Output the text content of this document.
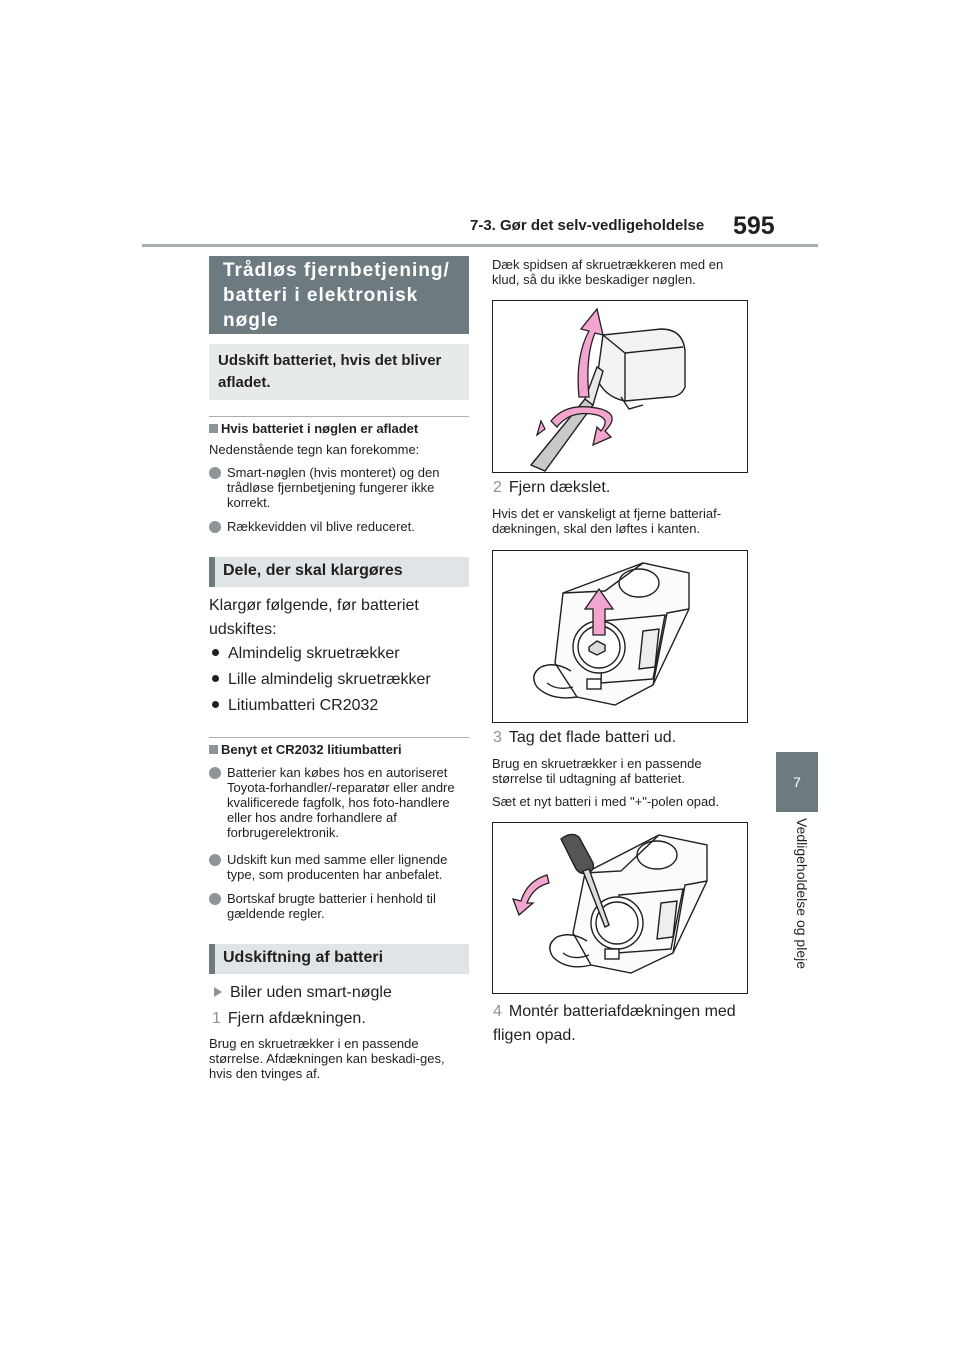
7-3. Gør det selv-vedligeholdelse 595
7
Vedligeholdelse og pleje
Trådløs fjernbetjening/ batteri i elektronisk nøgle
Udskift batteriet, hvis det bliver afladet.
Hvis batteriet i nøglen er afladet
Nedenstående tegn kan forekomme:
Smart-nøglen (hvis monteret) og den trådløse fjernbetjening fungerer ikke korrekt.
Rækkevidden vil blive reduceret.
Dele, der skal klargøres
Klargør følgende, før batteriet udskiftes:
Almindelig skruetrækker
Lille almindelig skruetrækker
Litiumbatteri CR2032
Benyt et CR2032 litiumbatteri
Batterier kan købes hos en autoriseret Toyota-forhandler/-reparatør eller andre kvalificerede fagfolk, hos foto-handlere eller hos andre forhandlere af forbrugerelektronik.
Udskift kun med samme eller lignende type, som producenten har anbefalet.
Bortskaf brugte batterier i henhold til gældende regler.
Udskiftning af batteri
Biler uden smart-nøgle
1 Fjern afdækningen.
Brug en skruetrækker i en passende størrelse. Afdækningen kan beskadi-ges, hvis den tvinges af.
Dæk spidsen af skruetrækkeren med en klud, så du ikke beskadiger nøglen.
2 Fjern dækslet.
Hvis det er vanskeligt at fjerne batteriaf-dækningen, skal den løftes i kanten.
3 Tag det flade batteri ud.
Brug en skruetrækker i en passende størrelse til udtagning af batteriet.
Sæt et nyt batteri i med "+"-polen opad.
4 Montér batteriafdækningen med fligen opad.
